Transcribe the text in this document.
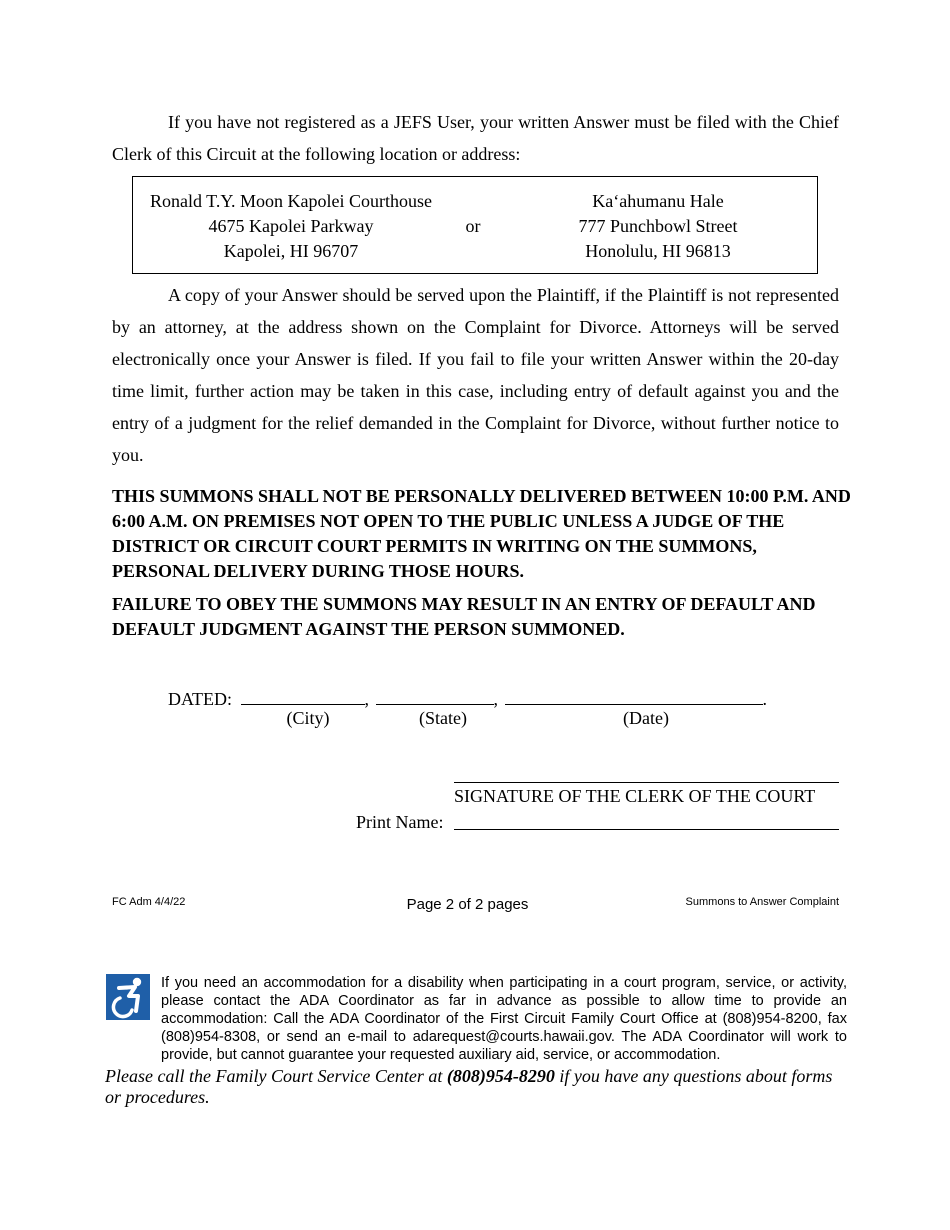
If you have not registered as a JEFS User, your written Answer must be filed with the Chief Clerk of this Circuit at the following location or address:

Ronald T.Y. Moon Kapolei Courthouse
4675 Kapolei Parkway
Kapolei, HI 96707
or
Kaʻahumanu Hale
777 Punchbowl Street
Honolulu, HI 96813

A copy of your Answer should be served upon the Plaintiff, if the Plaintiff is not represented by an attorney, at the address shown on the Complaint for Divorce. Attorneys will be served electronically once your Answer is filed. If you fail to file your written Answer within the 20-day time limit, further action may be taken in this case, including entry of default against you and the entry of a judgment for the relief demanded in the Complaint for Divorce, without further notice to you.

THIS SUMMONS SHALL NOT BE PERSONALLY DELIVERED BETWEEN 10:00 P.M. AND 6:00 A.M. ON PREMISES NOT OPEN TO THE PUBLIC UNLESS A JUDGE OF THE DISTRICT OR CIRCUIT COURT PERMITS IN WRITING ON THE SUMMONS, PERSONAL DELIVERY DURING THOSE HOURS.

FAILURE TO OBEY THE SUMMONS MAY RESULT IN AN ENTRY OF DEFAULT AND DEFAULT JUDGMENT AGAINST THE PERSON SUMMONED.

DATED:	,	,	.
(City)	(State)	(Date)
SIGNATURE OF THE CLERK OF THE COURT
Print Name:
FC Adm 4/4/22	Page 2 of 2 pages	Summons to Answer Complaint

If you need an accommodation for a disability when participating in a court program, service, or activity, please contact the ADA Coordinator as far in advance as possible to allow time to provide an accommodation: Call the ADA Coordinator of the First Circuit Family Court Office at (808)954-8200, fax (808)954-8308, or send an e-mail to adarequest@courts.hawaii.gov. The ADA Coordinator will work to provide, but cannot guarantee your requested auxiliary aid, service, or accommodation.

Please call the Family Court Service Center at (808)954-8290 if you have any questions about forms or procedures.
